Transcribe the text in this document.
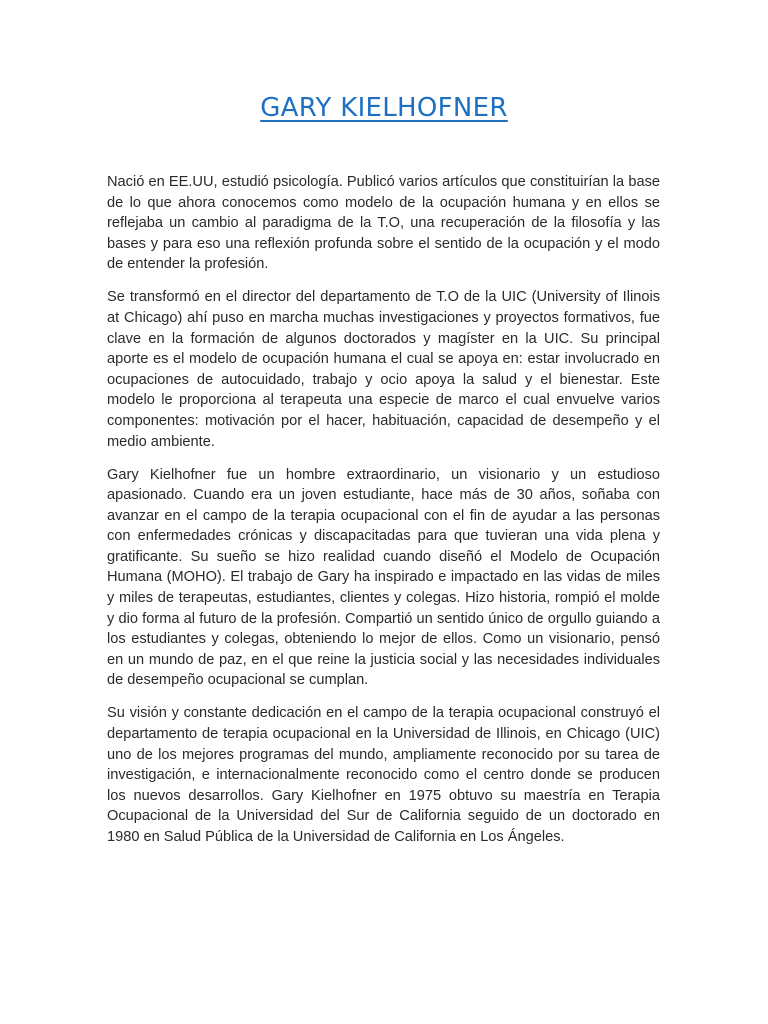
GARY KIELHOFNER

Nació en EE.UU, estudió psicología. Publicó varios artículos que constituirían la base de lo que ahora conocemos como modelo de la ocupación humana y en ellos se reflejaba un cambio al paradigma de la T.O, una recuperación de la filosofía y las bases y para eso una reflexión profunda sobre el sentido de la ocupación y el modo de entender la profesión.

Se transformó en el director del departamento de T.O de la UIC (University of Ilinois at Chicago) ahí puso en marcha muchas investigaciones y proyectos formativos, fue clave en la formación de algunos doctorados y magíster en la UIC. Su principal aporte es el modelo de ocupación humana el cual se apoya en: estar involucrado en ocupaciones de autocuidado, trabajo y ocio apoya la salud y el bienestar. Este modelo le proporciona al terapeuta una especie de marco el cual envuelve varios componentes: motivación por el hacer, habituación, capacidad de desempeño y el medio ambiente.

Gary Kielhofner fue un hombre extraordinario, un visionario y un estudioso apasionado. Cuando era un joven estudiante, hace más de 30 años, soñaba con avanzar en el campo de la terapia ocupacional con el fin de ayudar a las personas con enfermedades crónicas y discapacitadas para que tuvieran una vida plena y gratificante. Su sueño se hizo realidad cuando diseñó el Modelo de Ocupación Humana (MOHO). El trabajo de Gary ha inspirado e impactado en las vidas de miles y miles de terapeutas, estudiantes, clientes y colegas. Hizo historia, rompió el molde y dio forma al futuro de la profesión. Compartió un sentido único de orgullo guiando a los estudiantes y colegas, obteniendo lo mejor de ellos. Como un visionario, pensó en un mundo de paz, en el que reine la justicia social y las necesidades individuales de desempeño ocupacional se cumplan.

Su visión y constante dedicación en el campo de la terapia ocupacional construyó el departamento de terapia ocupacional en la Universidad de Illinois, en Chicago (UIC) uno de los mejores programas del mundo, ampliamente reconocido por su tarea de investigación, e internacionalmente reconocido como el centro donde se producen los nuevos desarrollos. Gary Kielhofner en 1975 obtuvo su maestría en Terapia Ocupacional de la Universidad del Sur de California seguido de un doctorado en 1980 en Salud Pública de la Universidad de California en Los Ángeles.
